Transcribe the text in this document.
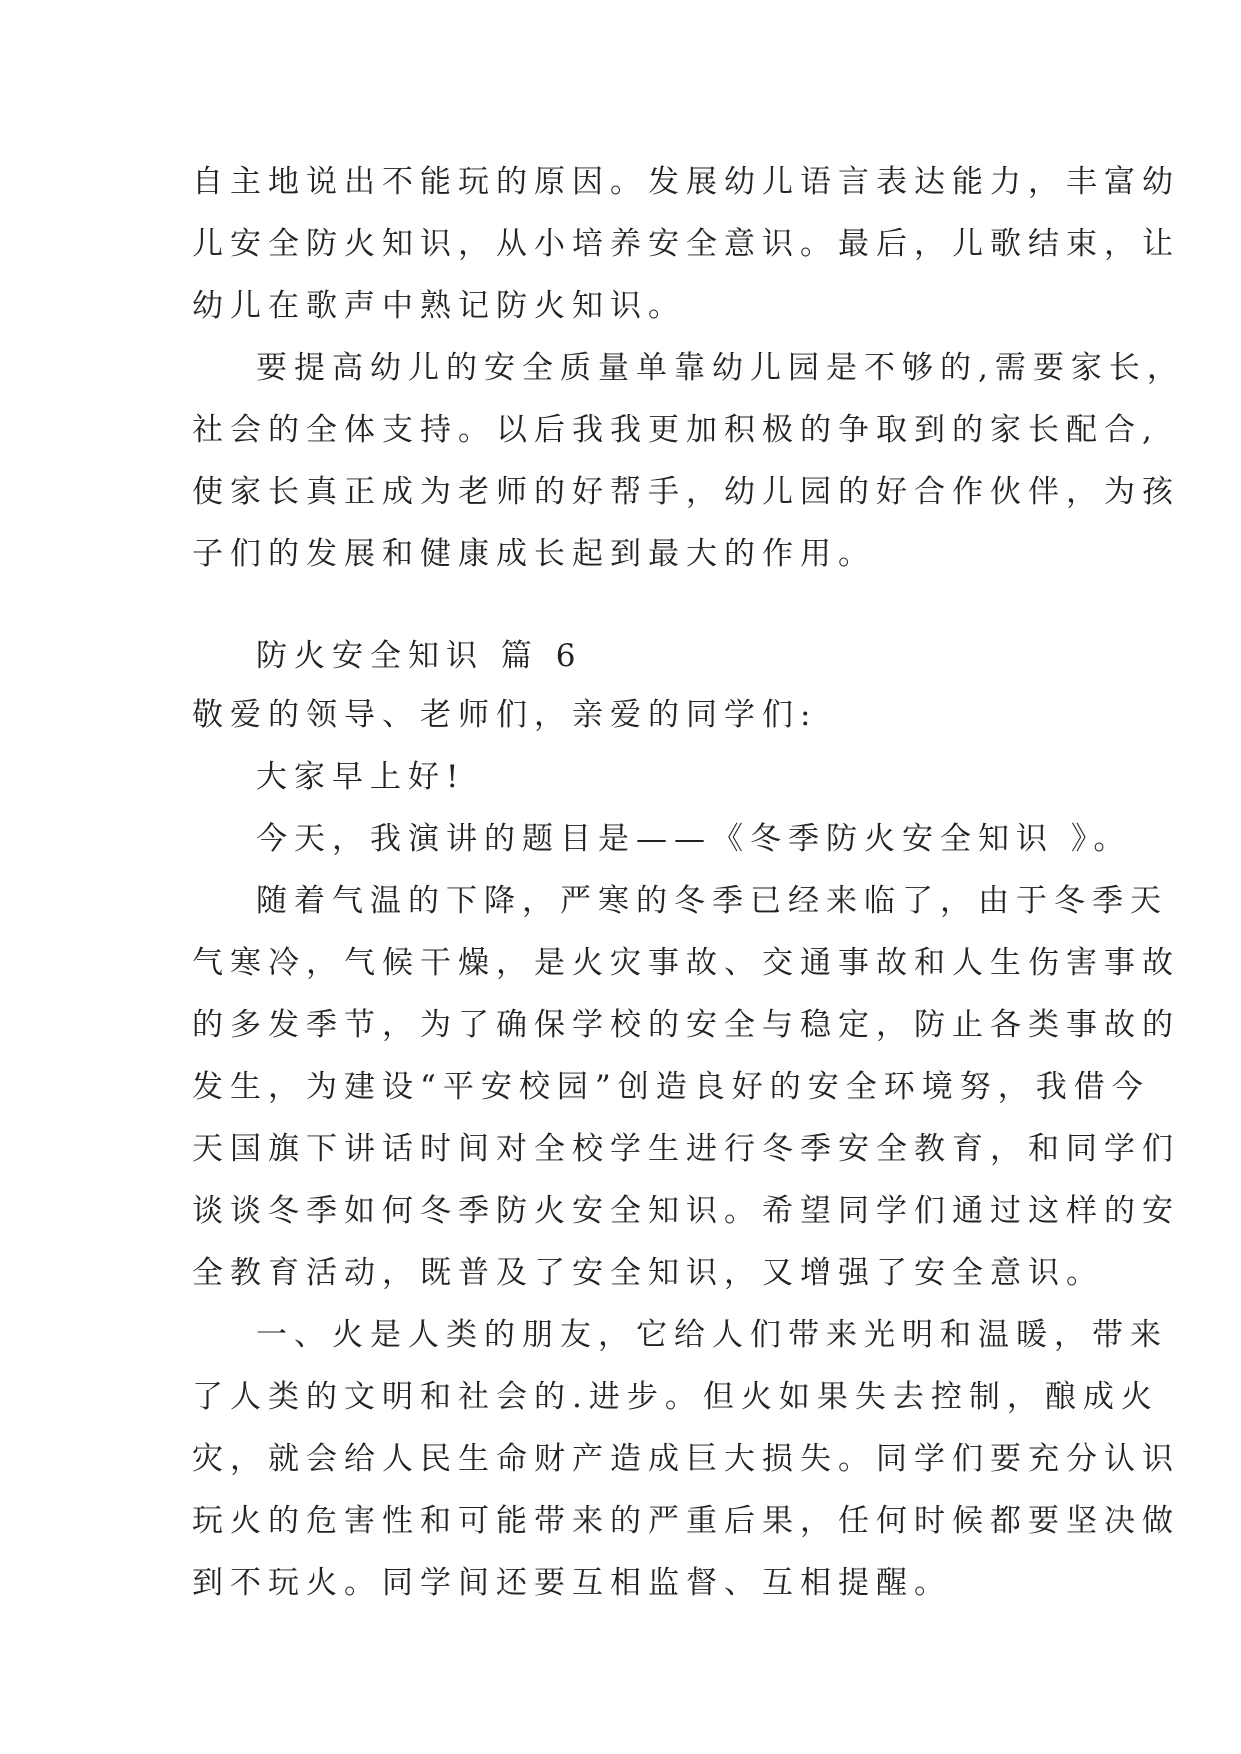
自主地说出不能玩的原因。发展幼儿语言表达能力，丰富幼
儿安全防火知识，从小培养安全意识。最后，儿歌结束，让
幼儿在歌声中熟记防火知识。
要提高幼儿的安全质量单靠幼儿园是不够的,需要家长，
社会的全体支持。以后我我更加积极的争取到的家长配合,
使家长真正成为老师的好帮手，幼儿园的好合作伙伴，为孩
子们的发展和健康成长起到最大的作用。
防火安全知识 篇 6
敬爱的领导、老师们，亲爱的同学们:
大家早上好!
今天，我演讲的题目是——《冬季防火安全知识 》。
随着气温的下降，严寒的冬季已经来临了，由于冬季天
气寒冷，气候干燥，是火灾事故、交通事故和人生伤害事故
的多发季节，为了确保学校的安全与稳定，防止各类事故的
发生，为建设“平安校园”创造良好的安全环境努，我借今
天国旗下讲话时间对全校学生进行冬季安全教育，和同学们
谈谈冬季如何冬季防火安全知识。希望同学们通过这样的安
全教育活动，既普及了安全知识，又增强了安全意识。
一、火是人类的朋友，它给人们带来光明和温暖，带来
了人类的文明和社会的.进步。但火如果失去控制，酿成火
灾，就会给人民生命财产造成巨大损失。同学们要充分认识
玩火的危害性和可能带来的严重后果，任何时候都要坚决做
到不玩火。同学间还要互相监督、互相提醒。
